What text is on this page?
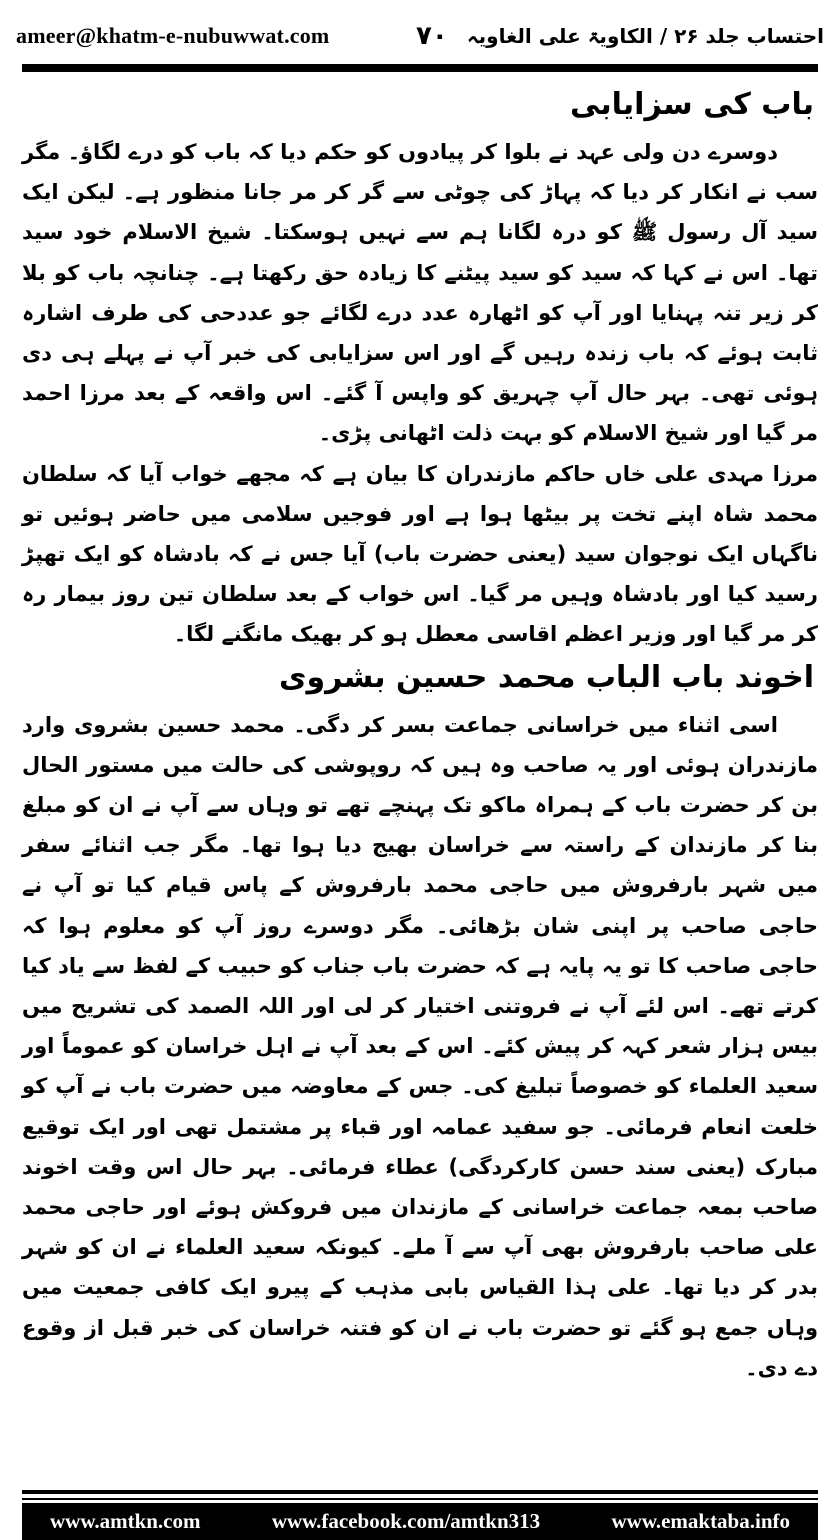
ameer@khatm-e-nubuwwat.com	۷۰ احتساب جلد ۲۶ / الکاویۃ علی الغاویہ
باب کی سزایابی

دوسرے دن ولی عہد نے بلوا کر پیادوں کو حکم دیا کہ باب کو درے لگاؤ۔ مگر سب نے انکار کر دیا کہ پہاڑ کی چوٹی سے گر کر مر جانا منظور ہے۔ لیکن ایک سید آل رسول ﷺ کو درہ لگانا ہم سے نہیں ہوسکتا۔ شیخ الاسلام خود سید تھا۔ اس نے کہا کہ سید کو سید پیٹنے کا زیادہ حق رکھتا ہے۔ چنانچہ باب کو بلا کر زیر تنہ پہنایا اور آپ کو اٹھارہ عدد درے لگائے جو عددحی کی طرف اشارہ ثابت ہوئے کہ باب زندہ رہیں گے اور اس سزایابی کی خبر آپ نے پہلے ہی دی ہوئی تھی۔ بہر حال آپ چہریق کو واپس آ گئے۔ اس واقعہ کے بعد مرزا احمد مر گیا اور شیخ الاسلام کو بہت ذلت اٹھانی پڑی۔

مرزا مہدی علی خاں حاکم مازندران کا بیان ہے کہ مجھے خواب آیا کہ سلطان محمد شاہ اپنے تخت پر بیٹھا ہوا ہے اور فوجیں سلامی میں حاضر ہوئیں تو ناگہاں ایک نوجوان سید (یعنی حضرت باب) آیا جس نے کہ بادشاہ کو ایک تھپڑ رسید کیا اور بادشاہ وہیں مر گیا۔ اس خواب کے بعد سلطان تین روز بیمار رہ کر مر گیا اور وزیر اعظم اقاسی معطل ہو کر بھیک مانگنے لگا۔

اخوند باب الباب محمد حسین بشروی

اسی اثناء میں خراسانی جماعت بسر کر دگی۔ محمد حسین بشروی وارد مازندران ہوئی اور یہ صاحب وہ ہیں کہ روپوشی کی حالت میں مستور الحال بن کر حضرت باب کے ہمراہ ماکو تک پہنچے تھے تو وہاں سے آپ نے ان کو مبلغ بنا کر مازندان کے راستہ سے خراسان بھیج دیا ہوا تھا۔ مگر جب اثنائے سفر میں شہر بارفروش میں حاجی محمد بارفروش کے پاس قیام کیا تو آپ نے حاجی صاحب پر اپنی شان بڑھائی۔ مگر دوسرے روز آپ کو معلوم ہوا کہ حاجی صاحب کا تو یہ پایہ ہے کہ حضرت باب جناب کو حبیب کے لفظ سے یاد کیا کرتے تھے۔ اس لئے آپ نے فروتنی اختیار کر لی اور اللہ الصمد کی تشریح میں بیس ہزار شعر کہہ کر پیش کئے۔ اس کے بعد آپ نے اہل خراسان کو عموماً اور سعید العلماء کو خصوصاً تبلیغ کی۔ جس کے معاوضہ میں حضرت باب نے آپ کو خلعت انعام فرمائی۔ جو سفید عمامہ اور قباء پر مشتمل تھی اور ایک توقیع مبارک (یعنی سند حسن کارکردگی) عطاء فرمائی۔ بہر حال اس وقت اخوند صاحب بمعہ جماعت خراسانی کے مازندان میں فروکش ہوئے اور حاجی محمد علی صاحب بارفروش بھی آپ سے آ ملے۔ کیونکہ سعید العلماء نے ان کو شہر بدر کر دیا تھا۔ علی ہذا القیاس بابی مذہب کے پیرو ایک کافی جمعیت میں وہاں جمع ہو گئے تو حضرت باب نے ان کو فتنہ خراسان کی خبر قبل از وقوع دے دی۔

www.amtkn.com	www.facebook.com/amtkn313	www.emaktaba.info
